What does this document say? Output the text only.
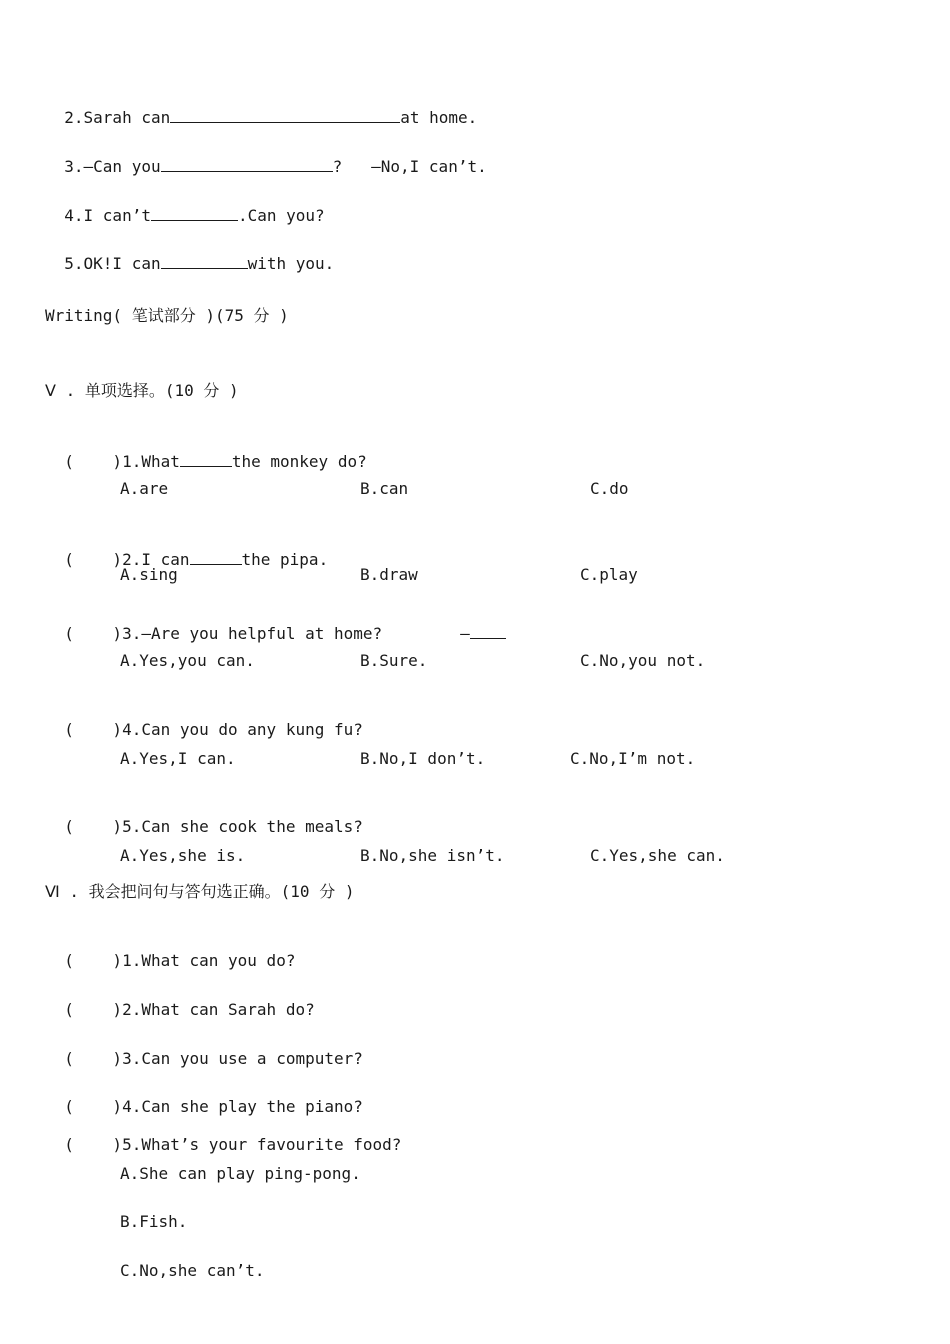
2.Sarah can	at home.

3.—Can you	?   —No,I can’t.

4.I can’t	.Can you?

5.OK!I can	with you.

Writing( 笔试部分 )(75 分 )
Ⅴ . 单项选择。(10 分 )

(    )1.What	the monkey do?

A.are	B.can	C.do

(    )2.I can	the pipa.

A.sing	B.draw	C.play

(    )3.—Are you helpful at home?	—

A.Yes,you can.	B.Sure.	C.No,you not.

(    )4.Can you do any kung fu?

A.Yes,I can.	B.No,I don’t.	C.No,I’m not.

(    )5.Can she cook the meals?

A.Yes,she is.	B.No,she isn’t.	C.Yes,she can.
Ⅵ . 我会把问句与答句选正确。(10 分 )

(    )1.What can you do?

(    )2.What can Sarah do?

(    )3.Can you use a computer?

(    )4.Can she play the piano?

(    )5.What’s your favourite food?

A.She can play ping-pong.
B.Fish.
C.No,she can’t.
